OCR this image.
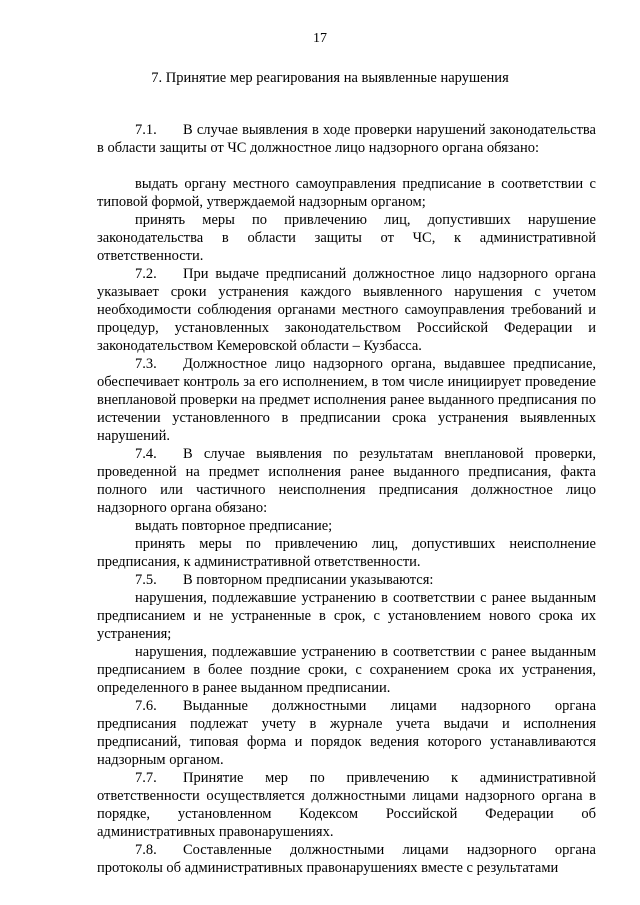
17
7. Принятие мер реагирования на выявленные нарушения
7.1.	В случае выявления в ходе проверки нарушений законодательства в области защиты от ЧС должностное лицо надзорного органа обязано:

выдать органу местного самоуправления предписание в соответствии с типовой формой, утверждаемой надзорным органом;
принять меры по привлечению лиц, допустивших нарушение законодательства в области защиты от ЧС, к административной ответственности.
7.2.	При выдаче предписаний должностное лицо надзорного органа указывает сроки устранения каждого выявленного нарушения с учетом необходимости соблюдения органами местного самоуправления требований и процедур, установленных законодательством Российской Федерации и законодательством Кемеровской области – Кузбасса.

7.3.	Должностное лицо надзорного органа, выдавшее предписание, обеспечивает контроль за его исполнением, в том числе инициирует проведение внеплановой проверки на предмет исполнения ранее выданного предписания по истечении установленного в предписании срока устранения выявленных нарушений.

7.4.	В случае выявления по результатам внеплановой проверки, проведенной на предмет исполнения ранее выданного предписания, факта полного или частичного неисполнения предписания должностное лицо надзорного органа обязано:

выдать повторное предписание;
принять меры по привлечению лиц, допустивших неисполнение предписания, к административной ответственности.
7.5.	В повторном предписании указываются:

нарушения, подлежавшие устранению в соответствии с ранее выданным предписанием и не устраненные в срок, с установлением нового срока их устранения;
нарушения, подлежавшие устранению в соответствии с ранее выданным предписанием в более поздние сроки, с сохранением срока их устранения, определенного в ранее выданном предписании.
7.6.	Выданные должностными лицами надзорного органа предписания подлежат учету в журнале учета выдачи и исполнения предписаний, типовая форма и порядок ведения которого устанавливаются надзорным органом.

7.7.	Принятие мер по привлечению к административной ответственности осуществляется должностными лицами надзорного органа в порядке, установленном Кодексом Российской Федерации об административных правонарушениях.

7.8.	Составленные должностными лицами надзорного органа протоколы об административных правонарушениях вместе с результатами
